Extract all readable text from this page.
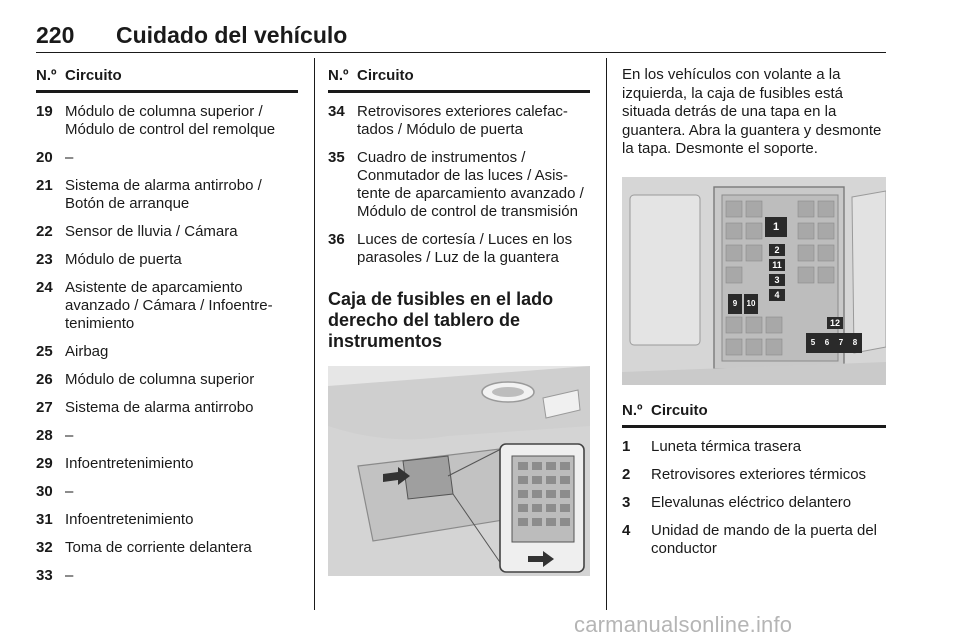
220 Cuidado del vehículo
N.º Circuito
19 Módulo de columna superior / Módulo de control del remolque
20 –
21 Sistema de alarma antirrobo / Botón de arranque
22 Sensor de lluvia / Cámara
23 Módulo de puerta
24 Asistente de aparcamiento avanzado / Cámara / Infoentretenimiento
25 Airbag
26 Módulo de columna superior
27 Sistema de alarma antirrobo
28 –
29 Infoentretenimiento
30 –
31 Infoentretenimiento
32 Toma de corriente delantera
33 –
N.º Circuito
34 Retrovisores exteriores calefactados / Módulo de puerta
35 Cuadro de instrumentos / Conmutador de las luces / Asistente de aparcamiento avanzado / Módulo de control de transmisión
36 Luces de cortesía / Luces en los parasoles / Luz de la guantera
Caja de fusibles en el lado derecho del tablero de instrumentos
En los vehículos con volante a la izquierda, la caja de fusibles está situada detrás de una tapa en la guantera. Abra la guantera y desmonte la tapa. Desmonte el soporte.
1
2
11
3
4
9	10
12
5	6	7	8
N.º Circuito
1	Luneta térmica trasera
2	Retrovisores exteriores térmicos
3	Elevalunas eléctrico delantero
4	Unidad de mando de la puerta del conductor
carmanualsonline.info
